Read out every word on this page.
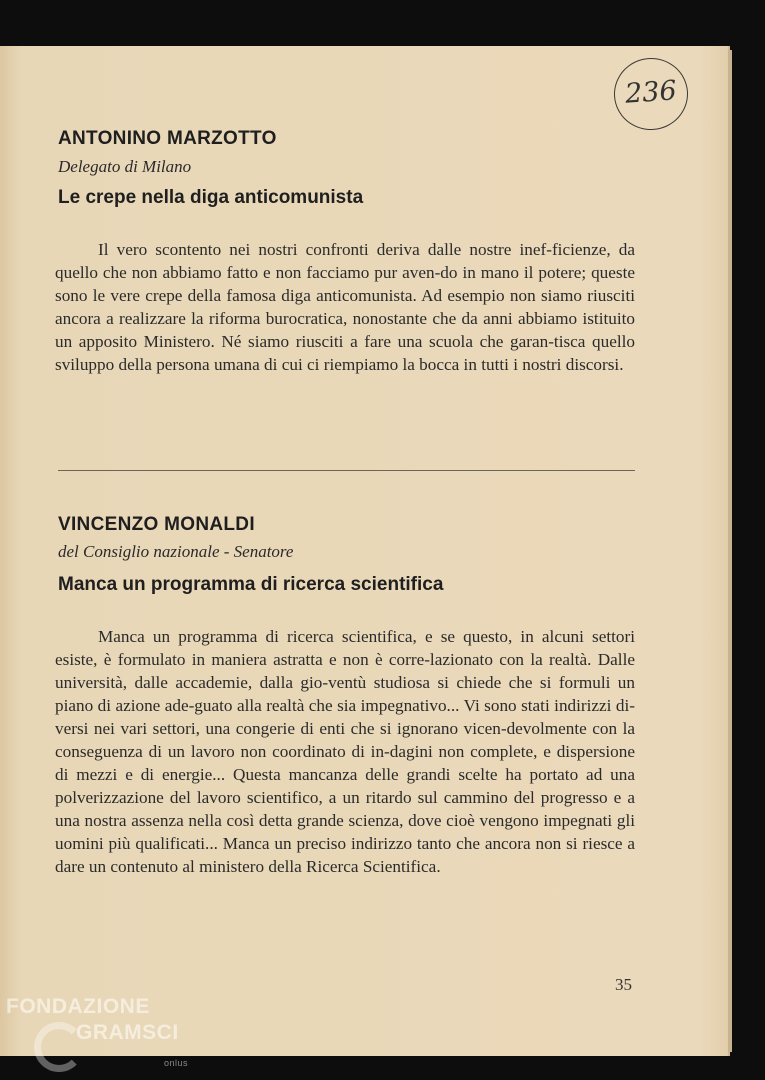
236
ANTONINO MARZOTTO
Delegato di Milano
Le crepe nella diga anticomunista

Il vero scontento nei nostri confronti deriva dalle nostre inef-ficienze, da quello che non abbiamo fatto e non facciamo pur aven-do in mano il potere; queste sono le vere crepe della famosa diga anticomunista. Ad esempio non siamo riusciti ancora a realizzare la riforma burocratica, nonostante che da anni abbiamo istituito un apposito Ministero. Né siamo riusciti a fare una scuola che garan-tisca quello sviluppo della persona umana di cui ci riempiamo la bocca in tutti i nostri discorsi.

VINCENZO MONALDI
del Consiglio nazionale - Senatore
Manca un programma di ricerca scientifica

Manca un programma di ricerca scientifica, e se questo, in alcuni settori esiste, è formulato in maniera astratta e non è corre-lazionato con la realtà. Dalle università, dalle accademie, dalla gio-ventù studiosa si chiede che si formuli un piano di azione ade-guato alla realtà che sia impegnativo... Vi sono stati indirizzi di-versi nei vari settori, una congerie di enti che si ignorano vicen-devolmente con la conseguenza di un lavoro non coordinato di in-dagini non complete, e dispersione di mezzi e di energie... Questa mancanza delle grandi scelte ha portato ad una polverizzazione del lavoro scientifico, a un ritardo sul cammino del progresso e a una nostra assenza nella così detta grande scienza, dove cioè vengono impegnati gli uomini più qualificati... Manca un preciso indirizzo tanto che ancora non si riesce a dare un contenuto al ministero della Ricerca Scientifica.

35
FONDAZIONE
GRAMSCI
onlus
